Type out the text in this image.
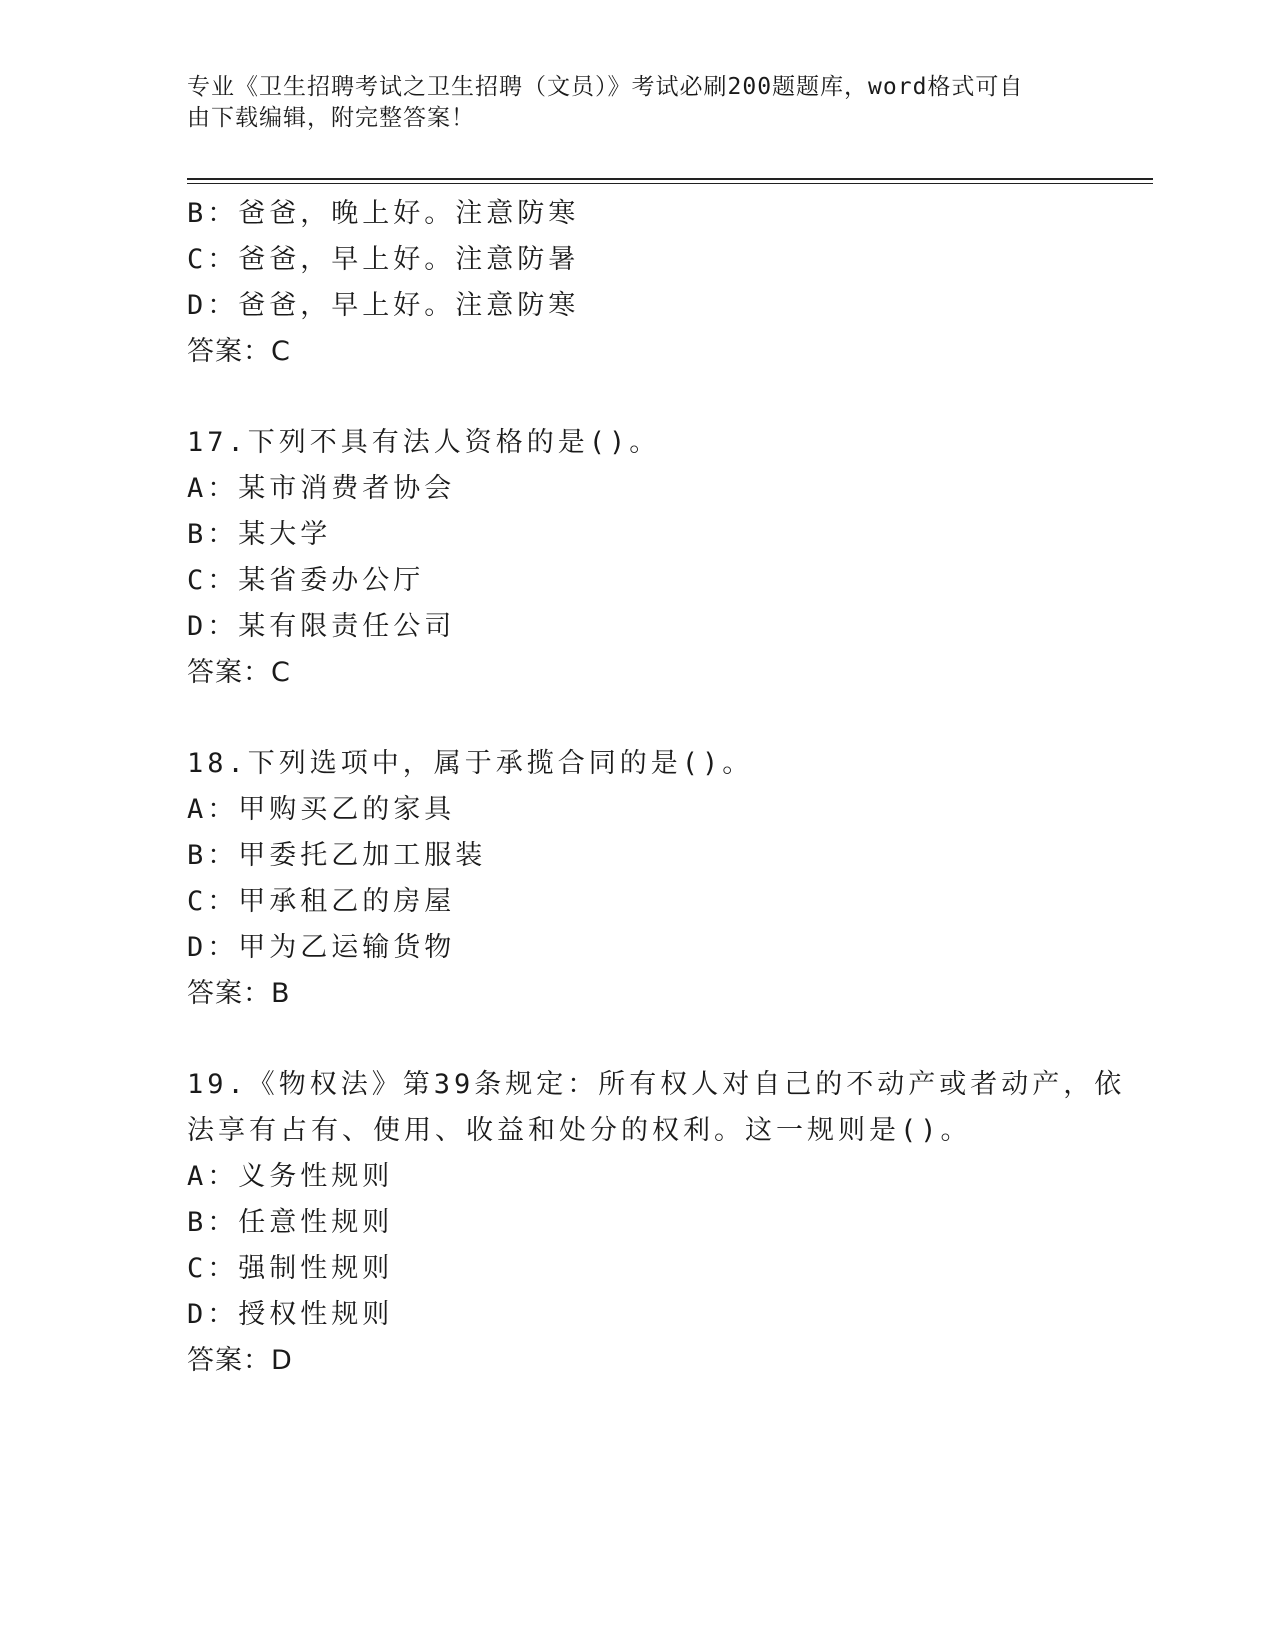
专业《卫生招聘考试之卫生招聘（文员）》考试必刷200题题库，word格式可自
由下载编辑，附完整答案！
B：爸爸，晚上好。注意防寒
C：爸爸，早上好。注意防暑
D：爸爸，早上好。注意防寒
答案：C
17.下列不具有法人资格的是()。
A：某市消费者协会
B：某大学
C：某省委办公厅
D：某有限责任公司
答案：C
18.下列选项中，属于承揽合同的是()。
A：甲购买乙的家具
B：甲委托乙加工服装
C：甲承租乙的房屋
D：甲为乙运输货物
答案：B
19.《物权法》第39条规定：所有权人对自己的不动产或者动产，依
法享有占有、使用、收益和处分的权利。这一规则是()。
A：义务性规则
B：任意性规则
C：强制性规则
D：授权性规则
答案：D
